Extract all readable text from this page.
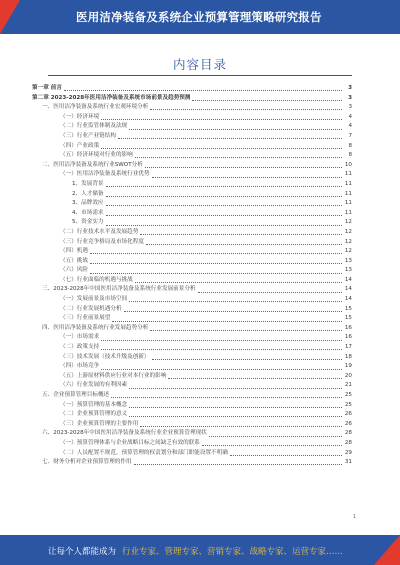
医用洁净装备及系统企业预算管理策略研究报告
内容目录
第一章 前言	3
第二章 2023-2028年医用洁净装备及系统市场前景及趋势预测	3
一、医用洁净装备及系统行业宏观环境分析	3
（一）经济环境	4
（二）行业监管体制及法规	4
（三）行业产业链结构	7
（四）产业政策	8
（五）经济环境对行业的影响	8
二、医用洁净装备及系统行业SWOT分析	10
（一）医用洁净装备及系统行业优势	11
1、发展背景	11
2、人才储备	11
3、品牌效应	11
4、市场需求	11
5、资金实力	12
（二）行业技术水平及发展趋势	12
（三）行业竞争格局及市场化程度	12
（四）机遇	12
（五）挑战	13
（六）风险	13
（七）行业面临的机遇与挑战	14
三、2023-2028年中国医用洁净装备及系统行业发展前景分析	14
（一）发展前景及市场空间	14
（二）行业发展机遇分析	15
（三）行业前景展望	15
四、医用洁净装备及系统行业发展趋势分析	16
（一）市场需求	16
（二）政策支持	17
（三）技术发展（技术升级及创新）	18
（四）市场竞争	19
（五）上游原材料供应行业对本行业的影响	20
（六）行业发展的有利因素	21
五、企业预算管理目标概述	25
（一）预算管理的基本概念	25
（二）企业预算管理的意义	26
（三）企业预算管理的主要作用	26
六、2023-2028年中国医用洁净装备及系统行业企业预算管理现状	28
（一）预算管理体系与企业战略目标之间缺乏有效的联系	28
（二）人员配置不规范，预算管理的权责划分和部门职能设置不明确	29
七、财务分析对企业预算管理的作用	31
1
让每个人都能成为 行业专家、管理专家、营销专家、战略专家、运营专家……
